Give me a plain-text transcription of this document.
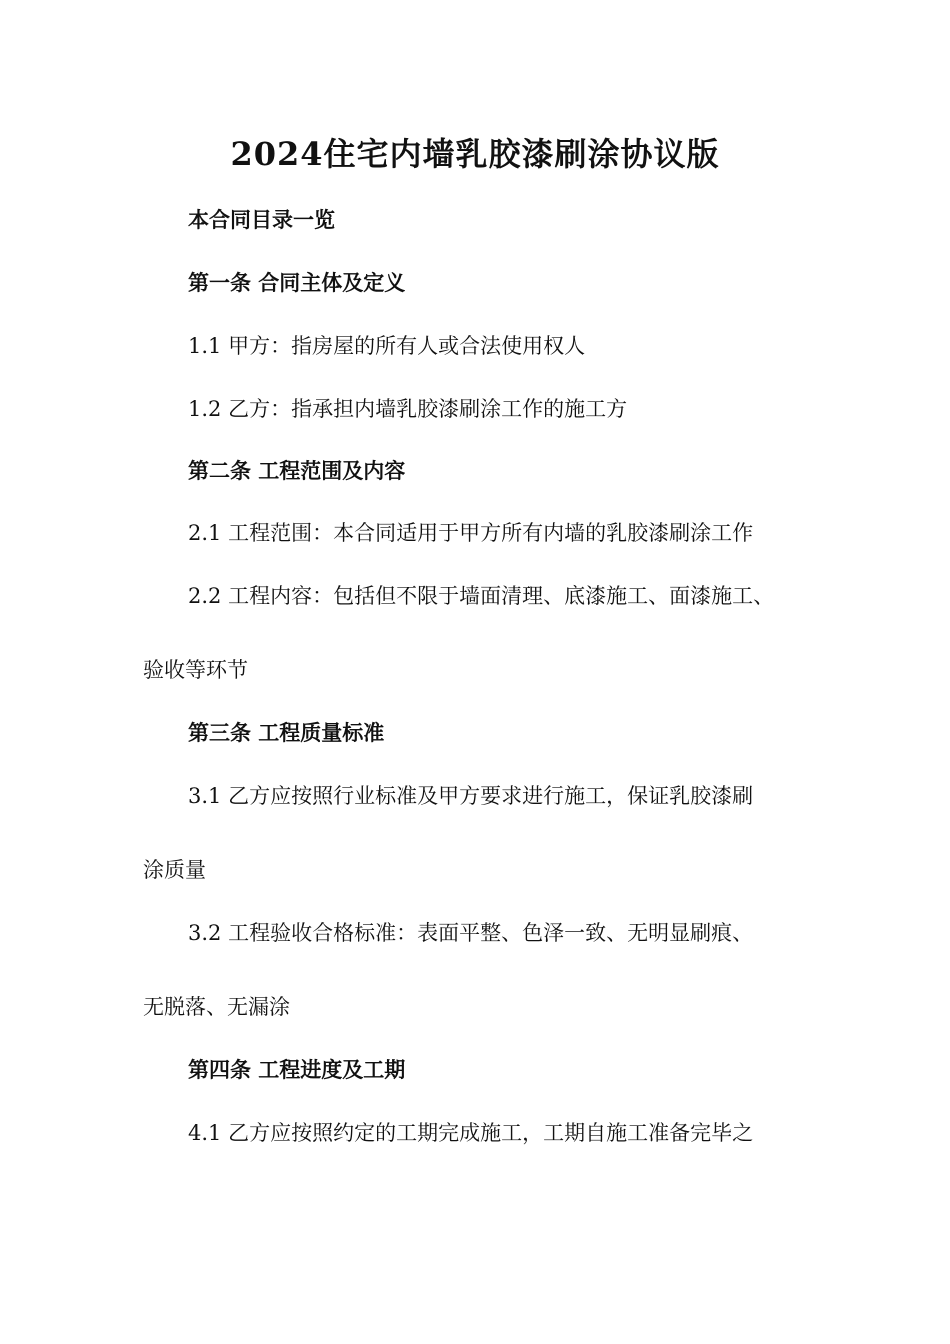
2024住宅内墙乳胶漆刷涂协议版
本合同目录一览
第一条 合同主体及定义
1.1 甲方：指房屋的所有人或合法使用权人
1.2 乙方：指承担内墙乳胶漆刷涂工作的施工方
第二条 工程范围及内容
2.1 工程范围：本合同适用于甲方所有内墙的乳胶漆刷涂工作
2.2 工程内容：包括但不限于墙面清理、底漆施工、面漆施工、
验收等环节
第三条 工程质量标准
3.1 乙方应按照行业标准及甲方要求进行施工，保证乳胶漆刷
涂质量
3.2 工程验收合格标准：表面平整、色泽一致、无明显刷痕、
无脱落、无漏涂
第四条 工程进度及工期
4.1 乙方应按照约定的工期完成施工，工期自施工准备完毕之
